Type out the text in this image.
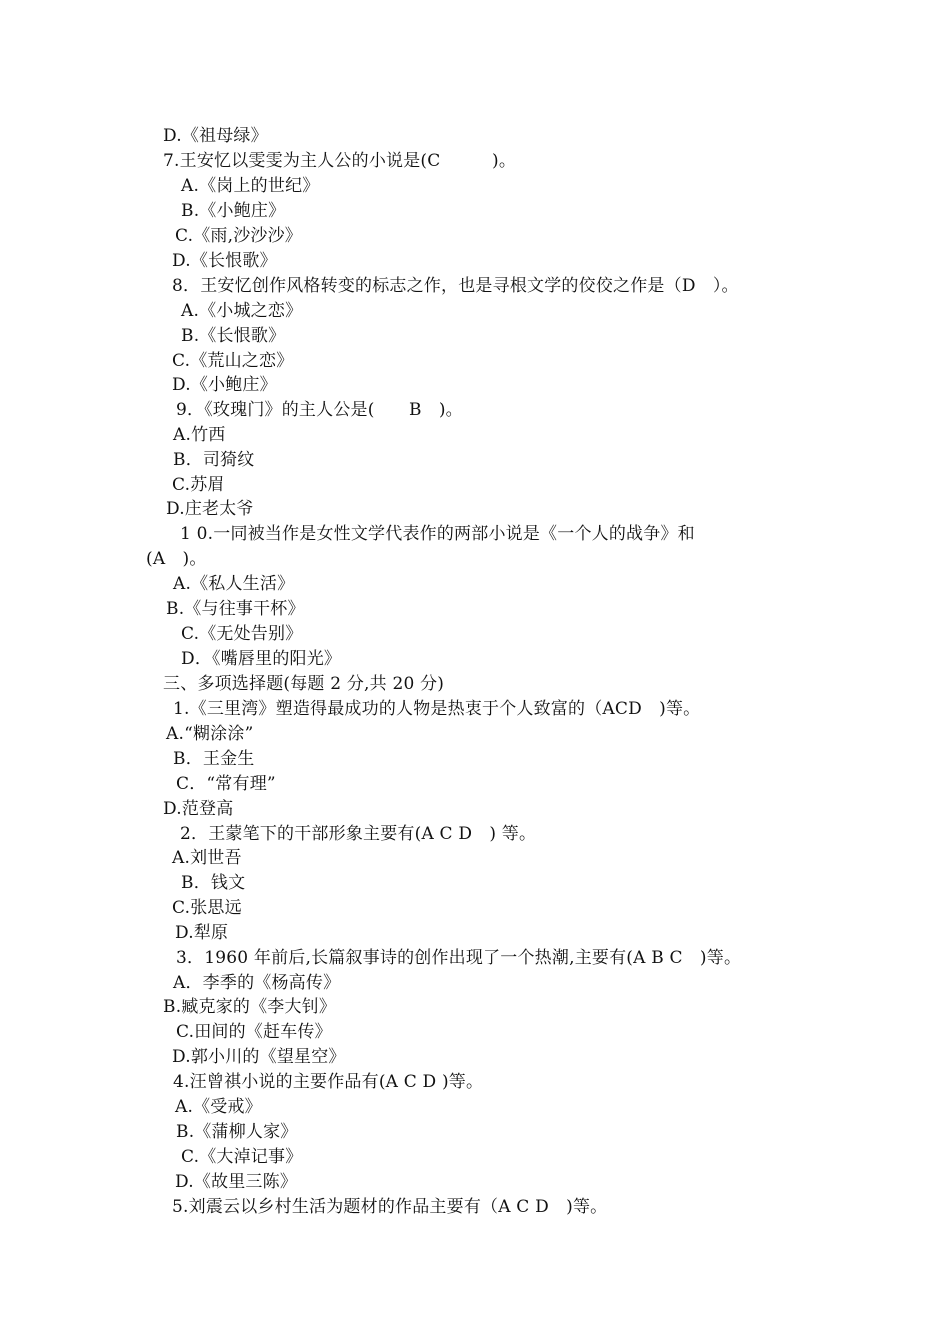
D.《祖母绿》
7.王安忆以雯雯为主人公的小说是(C　　　)。
A.《岗上的世纪》
B.《小鲍庄》
C.《雨,沙沙沙》
D.《长恨歌》
8．王安忆创作风格转变的标志之作，也是寻根文学的佼佼之作是（D　）。
A.《小城之恋》
B.《长恨歌》
C.《荒山之恋》
D.《小鲍庄》
9．《玫瑰门》的主人公是(　　B　)。
A.竹西
B．司猗纹
C.苏眉
D.庄老太爷
1 0.一同被当作是女性文学代表作的两部小说是《一个人的战争》和
(A　)。
A.《私人生活》
B.《与往事干杯》
C.《无处告别》
D．《嘴唇里的阳光》
三、多项选择题(每题 2 分,共 20 分)
1.《三里湾》塑造得最成功的人物是热衷于个人致富的（ACD　)等。
A.“糊涂涂”
B．王金生
C．“常有理”
D.范登高
2．王蒙笔下的干部形象主要有(A C D　) 等。
A.刘世吾
B．钱文
C.张思远
D.犁原
3．1960 年前后,长篇叙事诗的创作出现了一个热潮,主要有(A B C　)等。
A．李季的《杨高传》
B.臧克家的《李大钊》
C.田间的《赶车传》
D.郭小川的《望星空》
4.汪曾祺小说的主要作品有(A C D )等。
A.《受戒》
B.《蒲柳人家》
C.《大淖记事》
D.《故里三陈》
5.刘震云以乡村生活为题材的作品主要有（A C D　)等。
